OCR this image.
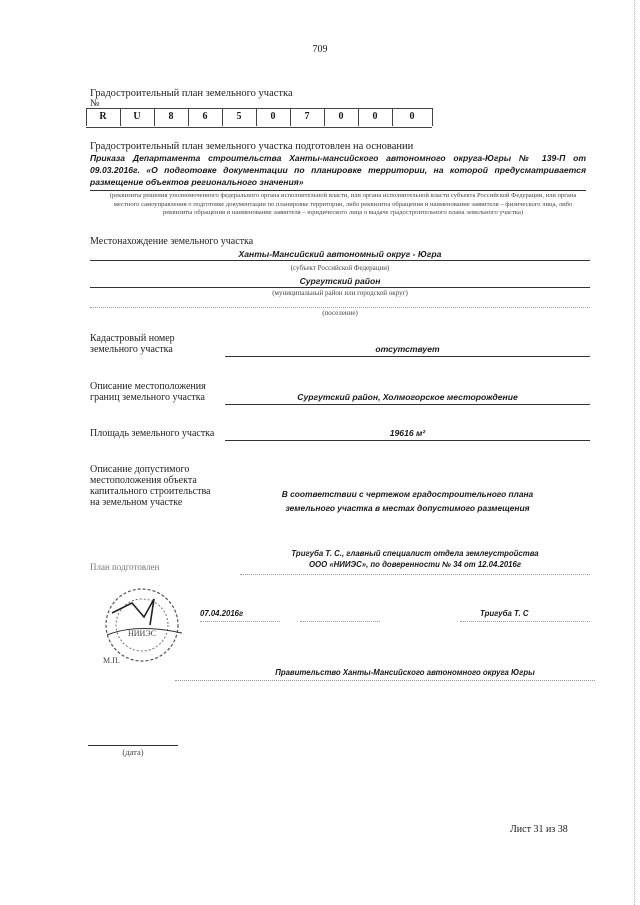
709
Градостроительный план земельного участка
№
R	U	8	6	5	0	7	0	0	0
Градостроительный план земельного участка подготовлен на основании
Приказа Департамента строительства Ханты-мансийского автономного округа-Югры № 139-П от 09.03.2016г. «О подготовке документации по планировке территории, на которой предусматривается размещение объектов регионального значения»
(реквизиты решения уполномоченного федерального органа исполнительной власти, или органа исполнительной власти субъекта Российской Федерации, или органа местного самоуправления о подготовке документации по планировке территории, либо реквизиты обращения и наименование заявителя – физического лица, либо реквизиты обращения и наименование заявителя – юридического лица о выдаче градостроительного плана земельного участка)
Местонахождение земельного участка
Ханты-Мансийский автономный округ - Югра
(субъект Российской Федерации)
Сургутский район
(муниципальный район или городской округ)
(поселение)
Кадастровый номер
земельного участка	отсутствует
Описание местоположения
границ земельного участка	Сургутский район, Холмогорское месторождение
Площадь земельного участка	19616 м²
Описание допустимого
местоположения объекта
капитального строительства
на земельном участке
В соответствии с чертежом градостроительного плана
земельного участка в местах допустимого размещения
План подготовлен
Тригуба Т. С., главный специалист отдела землеустройства
ООО «НИИЭС», по доверенности № 34 от 12.04.2016г
НИИЭС
М.П.
07.04.2016г	Тригуба Т. С
Правительство Ханты-Мансийского автономного округа Югры
(дата)
Лист 31 из 38
